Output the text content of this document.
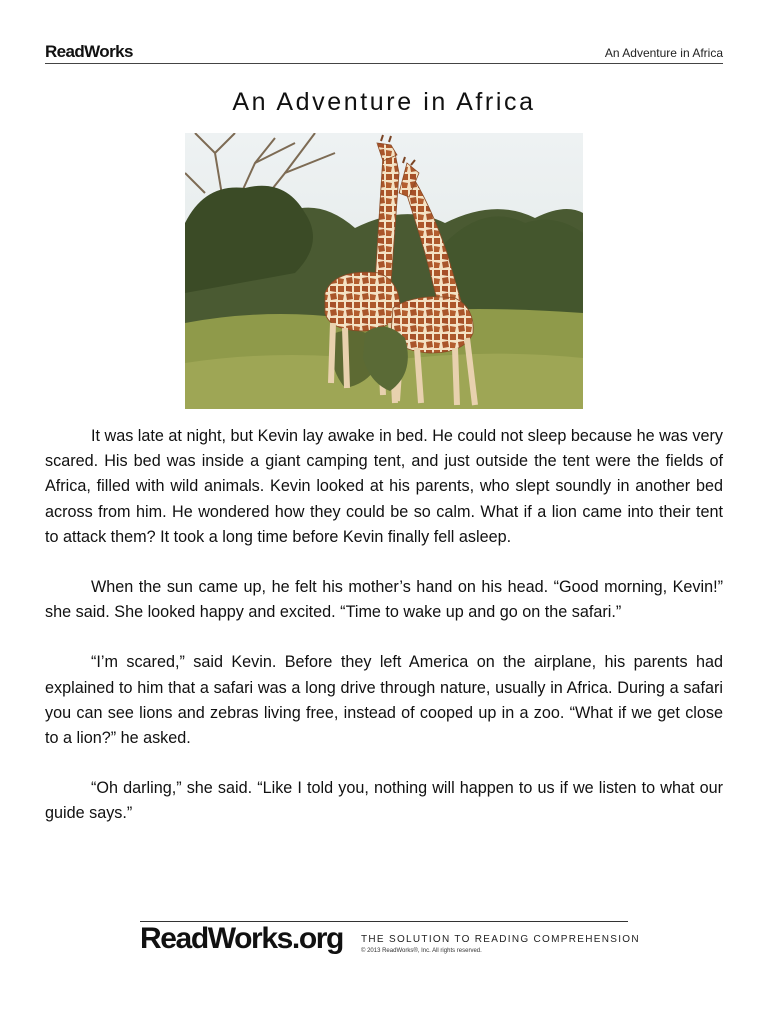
ReadWorks	An Adventure in Africa
An Adventure in Africa

It was late at night, but Kevin lay awake in bed. He could not sleep because he was very scared. His bed was inside a giant camping tent, and just outside the tent were the fields of Africa, filled with wild animals. Kevin looked at his parents, who slept soundly in another bed across from him. He wondered how they could be so calm. What if a lion came into their tent to attack them? It took a long time before Kevin finally fell asleep.

When the sun came up, he felt his mother’s hand on his head. “Good morning, Kevin!” she said. She looked happy and excited. “Time to wake up and go on the safari.”

“I’m scared,” said Kevin. Before they left America on the airplane, his parents had explained to him that a safari was a long drive through nature, usually in Africa. During a safari you can see lions and zebras living free, instead of cooped up in a zoo. “What if we get close to a lion?” he asked.

“Oh darling,” she said. “Like I told you, nothing will happen to us if we listen to what our guide says.”

ReadWorks.org THE SOLUTION TO READING COMPREHENSION
© 2013 ReadWorks®, Inc. All rights reserved.
